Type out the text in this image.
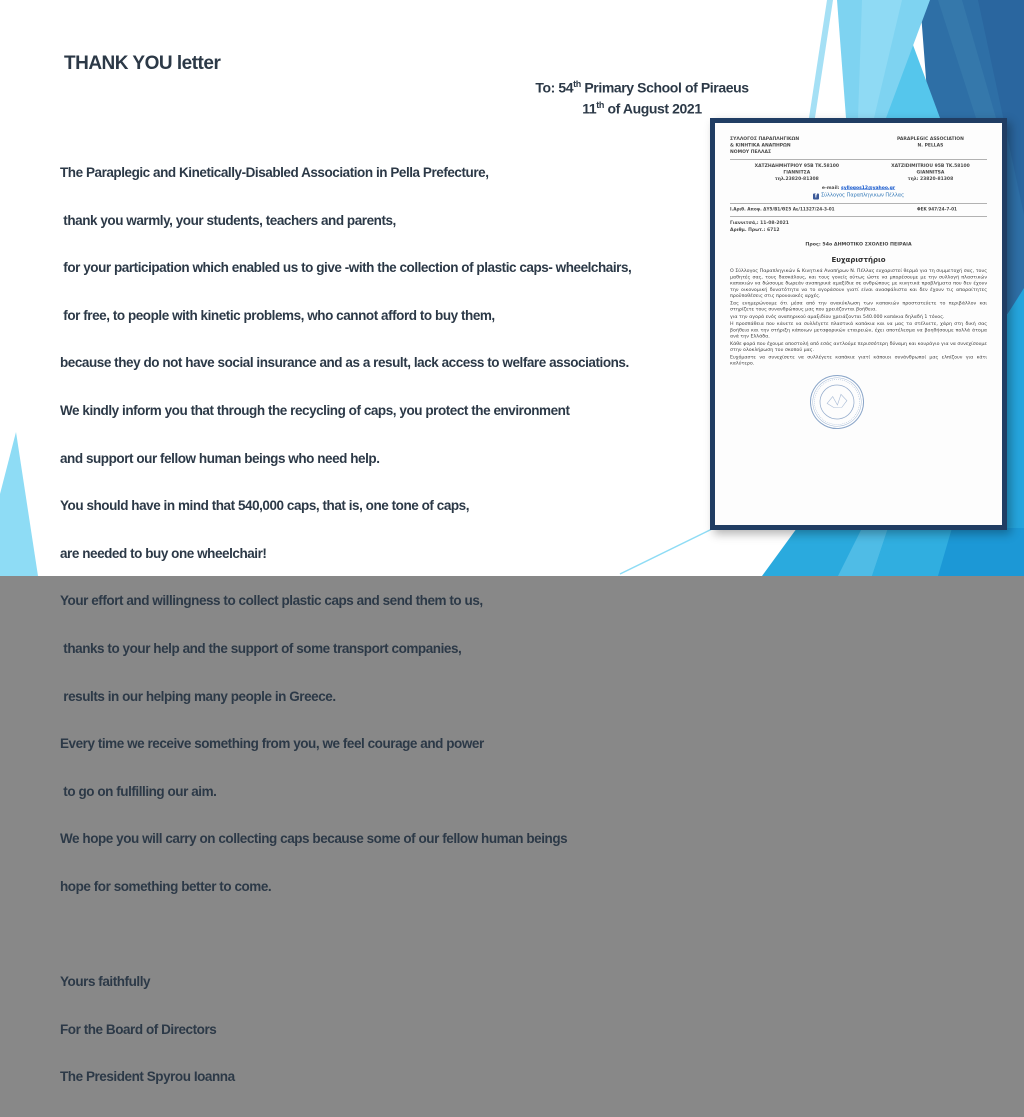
THANK YOU letter
To: 54th Primary School of Piraeus
11th of August 2021

The Paraplegic and Kinetically-Disabled Association in Pella Prefecture,

thank you warmly, your students, teachers and parents,

for your participation which enabled us to give -with the collection of plastic caps- wheelchairs,

for free, to people with kinetic problems, who cannot afford to buy them,

because they do not have social insurance and as a result, lack access to welfare associations.

We kindly inform you that through the recycling of caps, you protect the environment

and support our fellow human beings who need help.

You should have in mind that 540,000 caps, that is, one tone of caps,

are needed to buy one wheelchair!

Your effort and willingness to collect plastic caps and send them to us,

thanks to your help and the support of some transport companies,

results in our helping many people in Greece.

Every time we receive something from you, we feel courage and power

to go on fulfilling our aim.

We hope you will carry on collecting caps because some of our fellow human beings

hope for something better to come.

Yours faithfully

For the Board of Directors

The President Spyrou Ioanna

ΣΥΛΛΟΓΟΣ ΠΑΡΑΠΛΗΓΙΚΩΝ
& ΚΙΝΗΤΙΚΑ ΑΝΑΠΗΡΩΝ
ΝΟΜΟΥ ΠΕΛΛΑΣ
PARAPLEGIC ASSOCIATION
N. PELLAS
ΧΑΤΖΗΔΗΜΗΤΡΙΟΥ 95Β ΤΚ.58100
ΓΙΑΝΝΙΤΣΑ
τηλ.23820-81308
XATZIDIMITRIOU 95B TK.58100
GIANNITSA
τηλ: 23820-81308
e-mail: syllogos12@yahoo.gr
f Σύλλογος Παραπληγικων Πέλλας
Ι.Αριθ. Αποφ. ΔΥ5/Β1/ΘΣ5 Αε/11327/24-3-01	ΦΕΚ 947/24-7-01
Γιαννιτσά,: 11-08-2021
Αριθμ. Πρωτ.: 6712
Προς: 54ο ΔΗΜΟΤΙΚΟ ΣΧΟΛΕΙΟ ΠΕΙΡΑΙΑ
Ευχαριστήριο

Ο Σύλλογος Παραπληγικών & Κινητικά Αναπήρων Ν. Πέλλας ευχαριστεί θερμά για τη συμμετοχή σας, τους μαθητές σας, τους δασκάλους, και τους γονείς ούτως ώστε να μπορέσουμε με την συλλογή πλαστικών καπακιών να δώσουμε δωρεάν αναπηρικά αμαξίδια σε ανθρώπους με κινητικά προβλήματα που δεν έχουν την οικονομική δυνατότητα να το αγοράσουν γιατί είναι ανασφάλιστα και δεν έχουν τις απαραίτητες προϋποθέσεις στις προνοιακές αρχές.

Σας ενημερώνουμε ότι μέσα από την ανακύκλωση των καπακιών προστατεύετε το περιβάλλον και στηρίζετε τους συνανθρώπους μας που χρειάζονται βοήθεια.

για την αγορά ενός αναπηρικού αμαξιδίου χρειάζονται 540.000 καπάκια δηλαδή 1 τόνος.

Η προσπάθεια που κάνετε να συλλέγετε πλαστικά καπάκια και να μας τα στέλνετε, χάρη στη δική σας βοήθεια και την στήριξη κάποιων μεταφορικών εταιρειών, έχει αποτέλεσμα να βοηθήσουμε πολλά άτομα ανά την Ελλάδα.

Κάθε φορά που έχουμε αποστολή από εσάς αντλούμε περισσότερη δύναμη και κουράγιο για να συνεχίσουμε στην ολοκλήρωση του σκοπού μας.

Ευχόμαστε να συνεχίσετε να συλλέγετε καπάκια γιατί κάποιοι συνάνθρωποί μας ελπίζουν για κάτι καλύτερο.
